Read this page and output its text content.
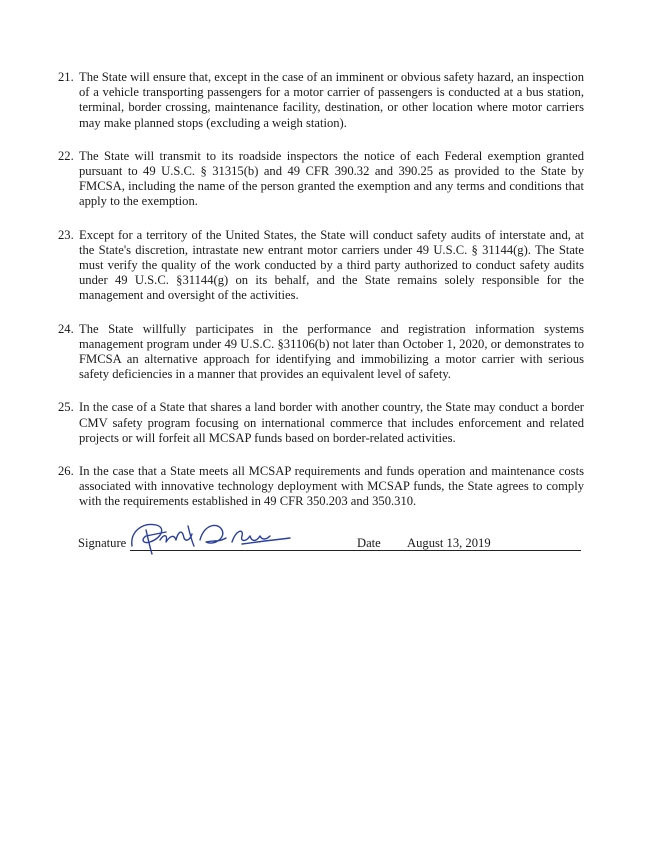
21. The State will ensure that, except in the case of an imminent or obvious safety hazard, an inspection of a vehicle transporting passengers for a motor carrier of passengers is conducted at a bus station, terminal, border crossing, maintenance facility, destination, or other location where motor carriers may make planned stops (excluding a weigh station).
22. The State will transmit to its roadside inspectors the notice of each Federal exemption granted pursuant to 49 U.S.C. § 31315(b) and 49 CFR 390.32 and 390.25 as provided to the State by FMCSA, including the name of the person granted the exemption and any terms and conditions that apply to the exemption.
23. Except for a territory of the United States, the State will conduct safety audits of interstate and, at the State's discretion, intrastate new entrant motor carriers under 49 U.S.C. § 31144(g). The State must verify the quality of the work conducted by a third party authorized to conduct safety audits under 49 U.S.C. §31144(g) on its behalf, and the State remains solely responsible for the management and oversight of the activities.
24. The State willfully participates in the performance and registration information systems management program under 49 U.S.C. §31106(b) not later than October 1, 2020, or demonstrates to FMCSA an alternative approach for identifying and immobilizing a motor carrier with serious safety deficiencies in a manner that provides an equivalent level of safety.
25. In the case of a State that shares a land border with another country, the State may conduct a border CMV safety program focusing on international commerce that includes enforcement and related projects or will forfeit all MCSAP funds based on border-related activities.
26. In the case that a State meets all MCSAP requirements and funds operation and maintenance costs associated with innovative technology deployment with MCSAP funds, the State agrees to comply with the requirements established in 49 CFR 350.203 and 350.310.
Signature	Date August 13, 2019
